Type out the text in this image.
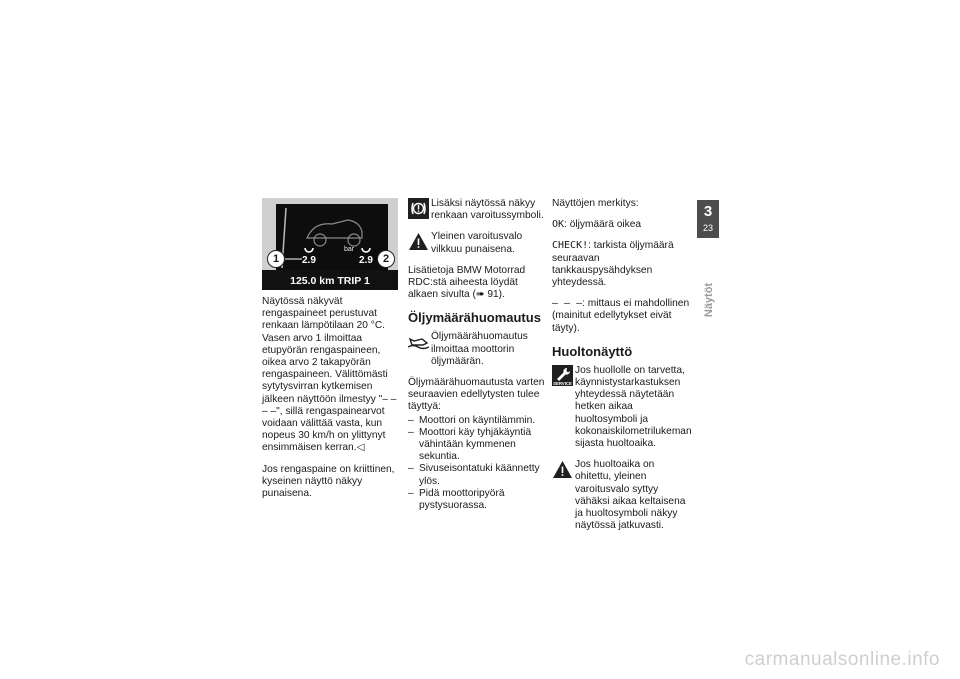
bar
2.9	2.9
1	2
125.0 km TRIP 1

Näytössä näkyvät rengaspaineet perustuvat renkaan lämpötilaan 20 °C. Vasen arvo 1 ilmoittaa etupyörän rengaspaineen, oikea arvo 2 takapyörän rengaspaineen. Välittömästi sytytysvirran kytkemisen jälkeen näyttöön ilmestyy "– – – –", sillä rengaspainearvot voidaan välittää vasta, kun nopeus 30 km/h on ylittynyt ensimmäisen kerran.◁

Jos rengaspaine on kriittinen, kyseinen näyttö näkyy punaisena.

Lisäksi näytössä näkyy renkaan varoitussymboli.
Yleinen varoitusvalo vilkkuu punaisena.

Lisätietoja BMW Motorrad RDC:stä aiheesta löydät alkaen sivulta (➠ 91).

Öljymäärähuomautus
Öljymäärähuomautus ilmoittaa moottorin öljymäärän.

Öljymäärähuomautusta varten seuraavien edellytysten tulee täyttyä:

– Moottori on käyntilämmin.
– Moottori käy tyhjäkäyntiä vähintään kymmenen sekuntia.
– Sivuseisontatuki käännetty ylös.
– Pidä moottoripyörä pystysuorassa.

Näyttöjen merkitys:

OK: öljymäärä oikea

CHECK!: tarkista öljymäärä seuraavan tankkauspysähdyksen yhteydessä.

– – –: mittaus ei mahdollinen (mainitut edellytykset eivät täyty).

Huoltonäyttö
SERVICE
Jos huollolle on tarvetta, käynnistystarkastuksen yhteydessä näytetään hetken aikaa huoltosymboli ja kokonaiskilometrilukeman sijasta huoltoaika.
Jos huoltoaika on ohitettu, yleinen varoitusvalo syttyy vähäksi aikaa keltaisena ja huoltosymboli näkyy näytössä jatkuvasti.
3
23
Näytöt
carmanualsonline.info
